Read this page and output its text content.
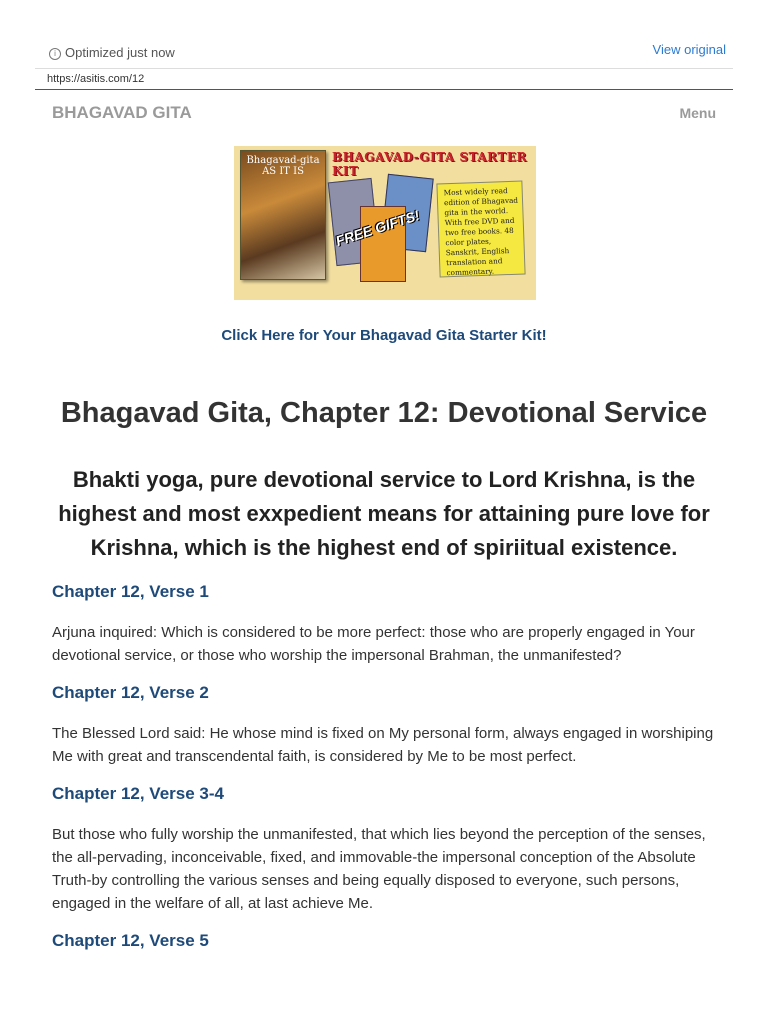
i Optimized just now	View original
https://asitis.com/12
BHAGAVAD GITA	Menu
Bhagavad-gita AS IT IS
BHAGAVAD-GITA STARTER KIT
FREE GIFTS!
Most widely read edition of Bhagavad gita in the world. With free DVD and two free books. 48 color plates, Sanskrit, English translation and commentary.
Click Here for Your Bhagavad Gita Starter Kit!
Bhagavad Gita, Chapter 12: Devotional Service
Bhakti yoga, pure devotional service to Lord Krishna, is the highest and most exxpedient means for attaining pure love for Krishna, which is the highest end of spiriitual existence.
Chapter 12, Verse 1

Arjuna inquired: Which is considered to be more perfect: those who are properly engaged in Your devotional service, or those who worship the impersonal Brahman, the unmanifested?

Chapter 12, Verse 2

The Blessed Lord said: He whose mind is fixed on My personal form, always engaged in worshiping Me with great and transcendental faith, is considered by Me to be most perfect.

Chapter 12, Verse 3-4

But those who fully worship the unmanifested, that which lies beyond the perception of the senses, the all-pervading, inconceivable, fixed, and immovable-the impersonal conception of the Absolute Truth-by controlling the various senses and being equally disposed to everyone, such persons, engaged in the welfare of all, at last achieve Me.

Chapter 12, Verse 5
